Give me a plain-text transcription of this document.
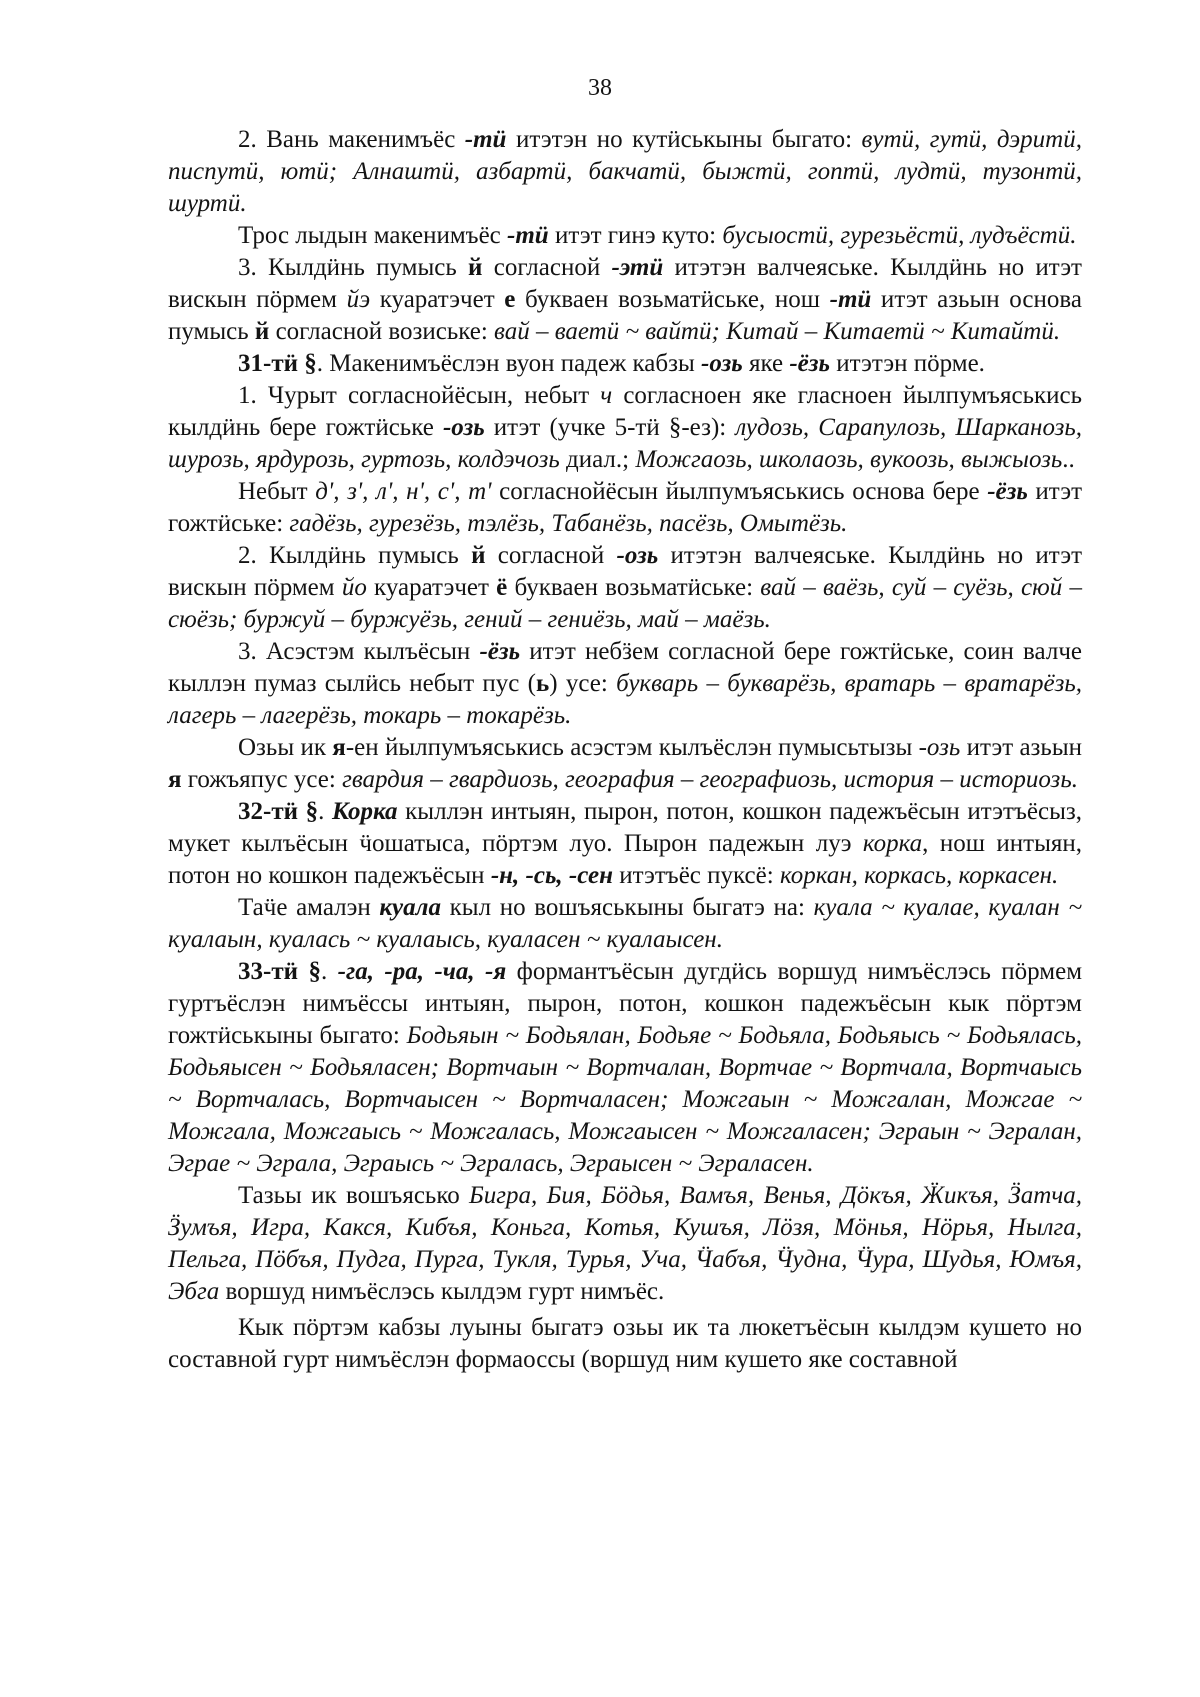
38

2. Вань макенимъёс -тӥ итэтэн но кутӥськыны быгато: вутӥ, гутӥ, дэритӥ, писпутӥ, ютӥ; Алнаштӥ, азбартӥ, бакчатӥ, быжтӥ, гоптӥ, лудтӥ, тузонтӥ, шуртӥ.

Трос лыдын макенимъёс -тӥ итэт гинэ куто: бусыостӥ, гурезьёстӥ, лудъёстӥ.

3. Кылдӥнь пумысь й согласной -этӥ итэтэн валчеяське. Кылдӥнь но итэт вискын пӧрмем йэ куаратэчет е букваен возьматӥське, нош -тӥ итэт азьын основа пумысь й согласной возиське: вай – ваетӥ ~ вайтӥ; Китай – Китаетӥ ~ Китайтӥ.

31-тӥ §. Макенимъёслэн вуон падеж кабзы -озь яке -ёзь итэтэн пӧрме.

1. Чурыт согласнойёсын, небыт ч согласноен яке гласноен йылпумъяськись кылдӥнь бере гожтӥське -озь итэт (учке 5-тӥ §-ез): лудозь, Сарапулозь, Шарканозь, шурозь, ярдурозь, гуртозь, колдэчозь диал.; Можгаозь, школаозь, вукоозь, выжыозь..

Небыт д', з', л', н', с', т' согласнойёсын йылпумъяськись основа бере -ёзь итэт гожтӥське: гадёзь, гурезёзь, тэлёзь, Табанёзь, пасёзь, Омытёзь.

2. Кылдӥнь пумысь й согласной -озь итэтэн валчеяське. Кылдӥнь но итэт вискын пӧрмем йо куаратэчет ё букваен возьматӥське: вай – ваёзь, суй – суёзь, сюй – сюёзь; буржуй – буржуёзь, гений – гениёзь, май – маёзь.

3. Асэстэм кылъёсын -ёзь итэт небӟем согласной бере гожтӥське, соин валче кыллэн пумаз сылӥсь небыт пус (ь) усе: букварь – букварёзь, вратарь – вратарёзь, лагерь – лагерёзь, токарь – токарёзь.

Озьы ик я-ен йылпумъяськись асэстэм кылъёслэн пумысьтызы -озь итэт азьын я гожъяпус усе: гвардия – гвардиозь, география – географиозь, история – историозь.

32-тӥ §. Корка кыллэн интыян, пырон, потон, кошкон падежъёсын итэтъёсыз, мукет кылъёсын ӵошатыса, пӧртэм луо. Пырон падежын луэ корка, нош интыян, потон но кошкон падежъёсын -н, -сь, -сен итэтъёс пуксё: коркан, коркась, коркасен.

Таӵе амалэн куала кыл но вошъяськыны быгатэ на: куала ~ куалае, куалан ~ куалаын, куалась ~ куалаысь, куаласен ~ куалаысен.

33-тӥ §. -га, -ра, -ча, -я формантъёсын дугдӥсь воршуд нимъёслэсь пӧрмем гуртъёслэн нимъёссы интыян, пырон, потон, кошкон падежъёсын кык пӧртэм гожтӥськыны быгато: Бодьяын ~ Бодьялан, Бодьяе ~ Бодьяла, Бодьяысь ~ Бодьялась, Бодьяысен ~ Бодьяласен; Вортчаын ~ Вортчалан, Вортчае ~ Вортчала, Вортчаысь ~ Вортчалась, Вортчаысен ~ Вортчаласен; Можгаын ~ Можгалан, Можгае ~ Можгала, Можгаысь ~ Можгалась, Можгаысен ~ Можгаласен; Эграын ~ Эгралан, Эграе ~ Эграла, Эграысь ~ Эгралась, Эграысен ~ Эграласен.

Тазьы ик вошъясько Бигра, Бия, Бӧдья, Вамъя, Венья, Дӧкъя, Ӝикъя, Ӟатча, Ӟумъя, Игра, Какся, Кибъя, Коньга, Котья, Кушъя, Лӧзя, Мӧнья, Нӧрья, Нылга, Пельга, Пӧбъя, Пудга, Пурга, Тукля, Турья, Уча, Ӵабъя, Ӵудна, Ӵура, Шудья, Юмъя, Эбга воршуд нимъёслэсь кылдэм гурт нимъёс.

Кык пӧртэм кабзы луыны быгатэ озьы ик та люкетъёсын кылдэм кушето но составной гурт нимъёслэн формаоссы (воршуд ним кушето яке составной
